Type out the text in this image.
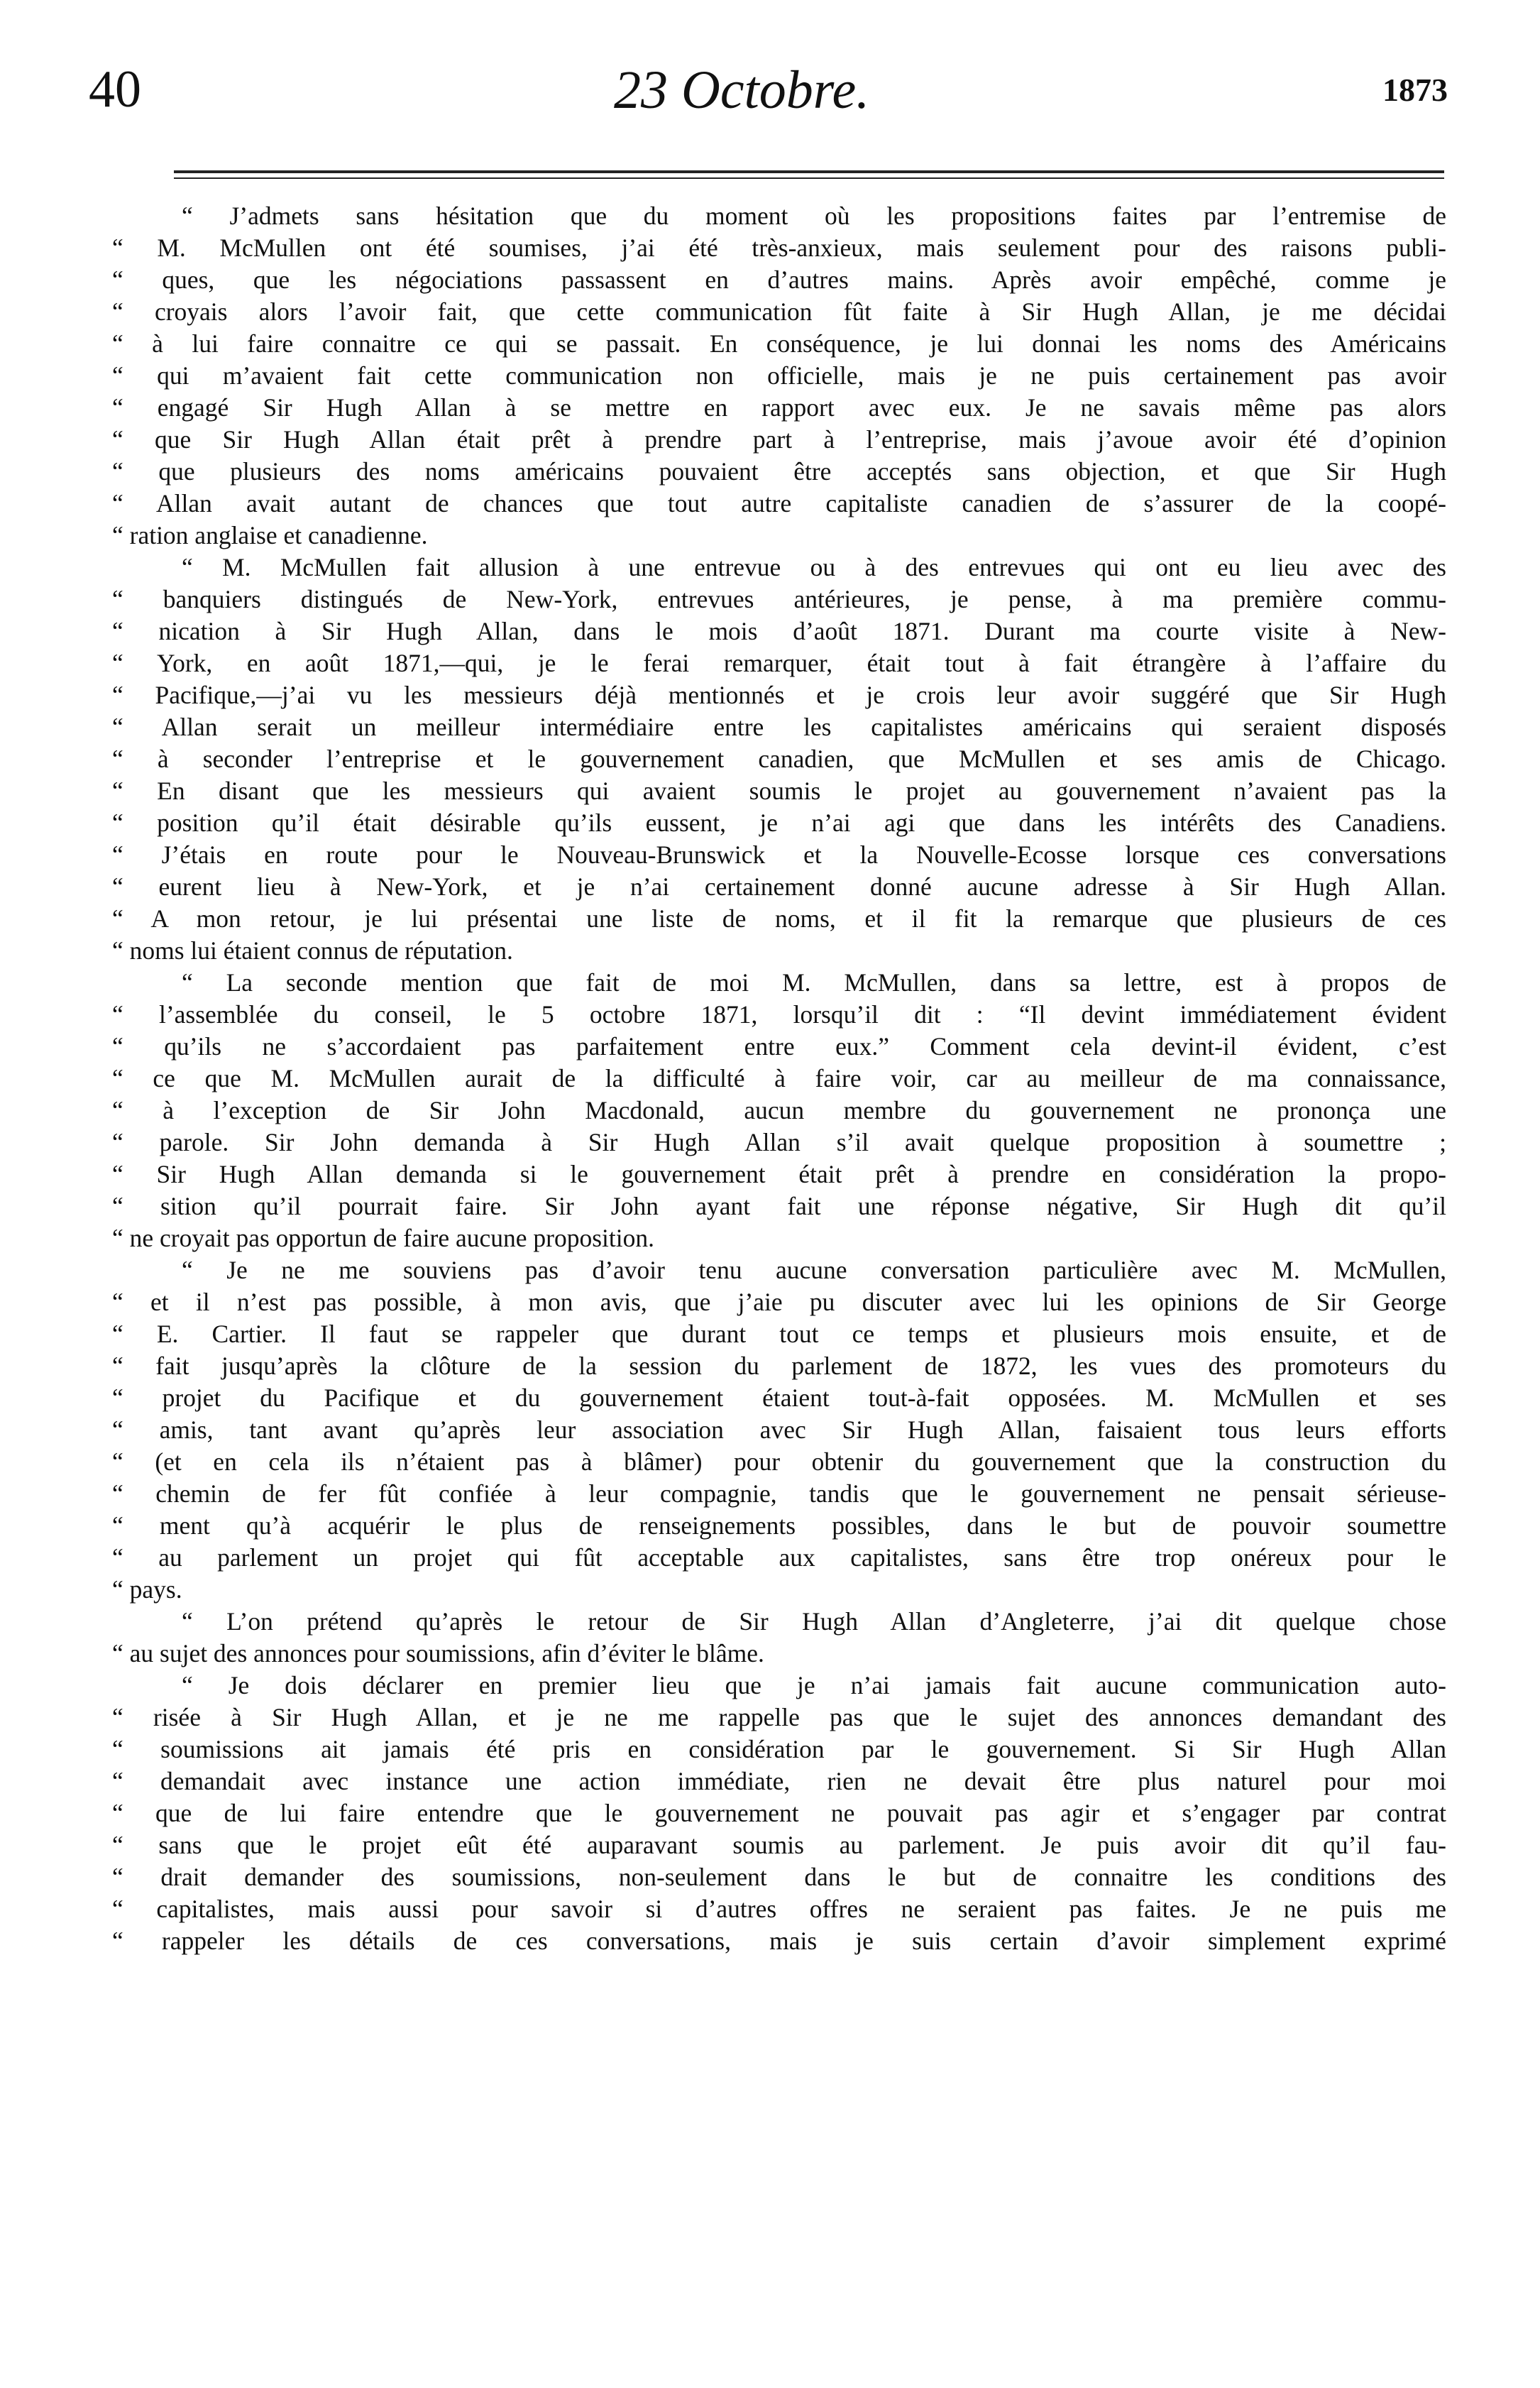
40	23 Octobre.	1873
“ J’admets sans hésitation que du moment où les propositions faites par l’entremise de
“ M. McMullen ont été soumises, j’ai été très-anxieux, mais seulement pour des raisons publi-
“ ques, que les négociations passassent en d’autres mains. Après avoir empêché, comme je
“ croyais alors l’avoir fait, que cette communication fût faite à Sir Hugh Allan, je me décidai
“ à lui faire connaitre ce qui se passait. En conséquence, je lui donnai les noms des Américains
“ qui m’avaient fait cette communication non officielle, mais je ne puis certainement pas avoir
“ engagé Sir Hugh Allan à se mettre en rapport avec eux. Je ne savais même pas alors
“ que Sir Hugh Allan était prêt à prendre part à l’entreprise, mais j’avoue avoir été d’opinion
“ que plusieurs des noms américains pouvaient être acceptés sans objection, et que Sir Hugh
“ Allan avait autant de chances que tout autre capitaliste canadien de s’assurer de la coopé-
“ ration anglaise et canadienne.
“ M. McMullen fait allusion à une entrevue ou à des entrevues qui ont eu lieu avec des
“ banquiers distingués de New-York, entrevues antérieures, je pense, à ma première commu-
“ nication à Sir Hugh Allan, dans le mois d’août 1871. Durant ma courte visite à New-
“ York, en août 1871,—qui, je le ferai remarquer, était tout à fait étrangère à l’affaire du
“ Pacifique,—j’ai vu les messieurs déjà mentionnés et je crois leur avoir suggéré que Sir Hugh
“ Allan serait un meilleur intermédiaire entre les capitalistes américains qui seraient disposés
“ à seconder l’entreprise et le gouvernement canadien, que McMullen et ses amis de Chicago.
“ En disant que les messieurs qui avaient soumis le projet au gouvernement n’avaient pas la
“ position qu’il était désirable qu’ils eussent, je n’ai agi que dans les intérêts des Canadiens.
“ J’étais en route pour le Nouveau-Brunswick et la Nouvelle-Ecosse lorsque ces conversations
“ eurent lieu à New-York, et je n’ai certainement donné aucune adresse à Sir Hugh Allan.
“ A mon retour, je lui présentai une liste de noms, et il fit la remarque que plusieurs de ces
“ noms lui étaient connus de réputation.
“ La seconde mention que fait de moi M. McMullen, dans sa lettre, est à propos de
“ l’assemblée du conseil, le 5 octobre 1871, lorsqu’il dit : “Il devint immédiatement évident
“ qu’ils ne s’accordaient pas parfaitement entre eux.” Comment cela devint-il évident, c’est
“ ce que M. McMullen aurait de la difficulté à faire voir, car au meilleur de ma connaissance,
“ à l’exception de Sir John Macdonald, aucun membre du gouvernement ne prononça une
“ parole. Sir John demanda à Sir Hugh Allan s’il avait quelque proposition à soumettre ;
“ Sir Hugh Allan demanda si le gouvernement était prêt à prendre en considération la propo-
“ sition qu’il pourrait faire. Sir John ayant fait une réponse négative, Sir Hugh dit qu’il
“ ne croyait pas opportun de faire aucune proposition.
“ Je ne me souviens pas d’avoir tenu aucune conversation particulière avec M. McMullen,
“ et il n’est pas possible, à mon avis, que j’aie pu discuter avec lui les opinions de Sir George
“ E. Cartier. Il faut se rappeler que durant tout ce temps et plusieurs mois ensuite, et de
“ fait jusqu’après la clôture de la session du parlement de 1872, les vues des promoteurs du
“ projet du Pacifique et du gouvernement étaient tout-à-fait opposées. M. McMullen et ses
“ amis, tant avant qu’après leur association avec Sir Hugh Allan, faisaient tous leurs efforts
“ (et en cela ils n’étaient pas à blâmer) pour obtenir du gouvernement que la construction du
“ chemin de fer fût confiée à leur compagnie, tandis que le gouvernement ne pensait sérieuse-
“ ment qu’à acquérir le plus de renseignements possibles, dans le but de pouvoir soumettre
“ au parlement un projet qui fût acceptable aux capitalistes, sans être trop onéreux pour le
“ pays.
“ L’on prétend qu’après le retour de Sir Hugh Allan d’Angleterre, j’ai dit quelque chose
“ au sujet des annonces pour soumissions, afin d’éviter le blâme.
“ Je dois déclarer en premier lieu que je n’ai jamais fait aucune communication auto-
“ risée à Sir Hugh Allan, et je ne me rappelle pas que le sujet des annonces demandant des
“ soumissions ait jamais été pris en considération par le gouvernement. Si Sir Hugh Allan
“ demandait avec instance une action immédiate, rien ne devait être plus naturel pour moi
“ que de lui faire entendre que le gouvernement ne pouvait pas agir et s’engager par contrat
“ sans que le projet eût été auparavant soumis au parlement. Je puis avoir dit qu’il fau-
“ drait demander des soumissions, non-seulement dans le but de connaitre les conditions des
“ capitalistes, mais aussi pour savoir si d’autres offres ne seraient pas faites. Je ne puis me
“ rappeler les détails de ces conversations, mais je suis certain d’avoir simplement exprimé
